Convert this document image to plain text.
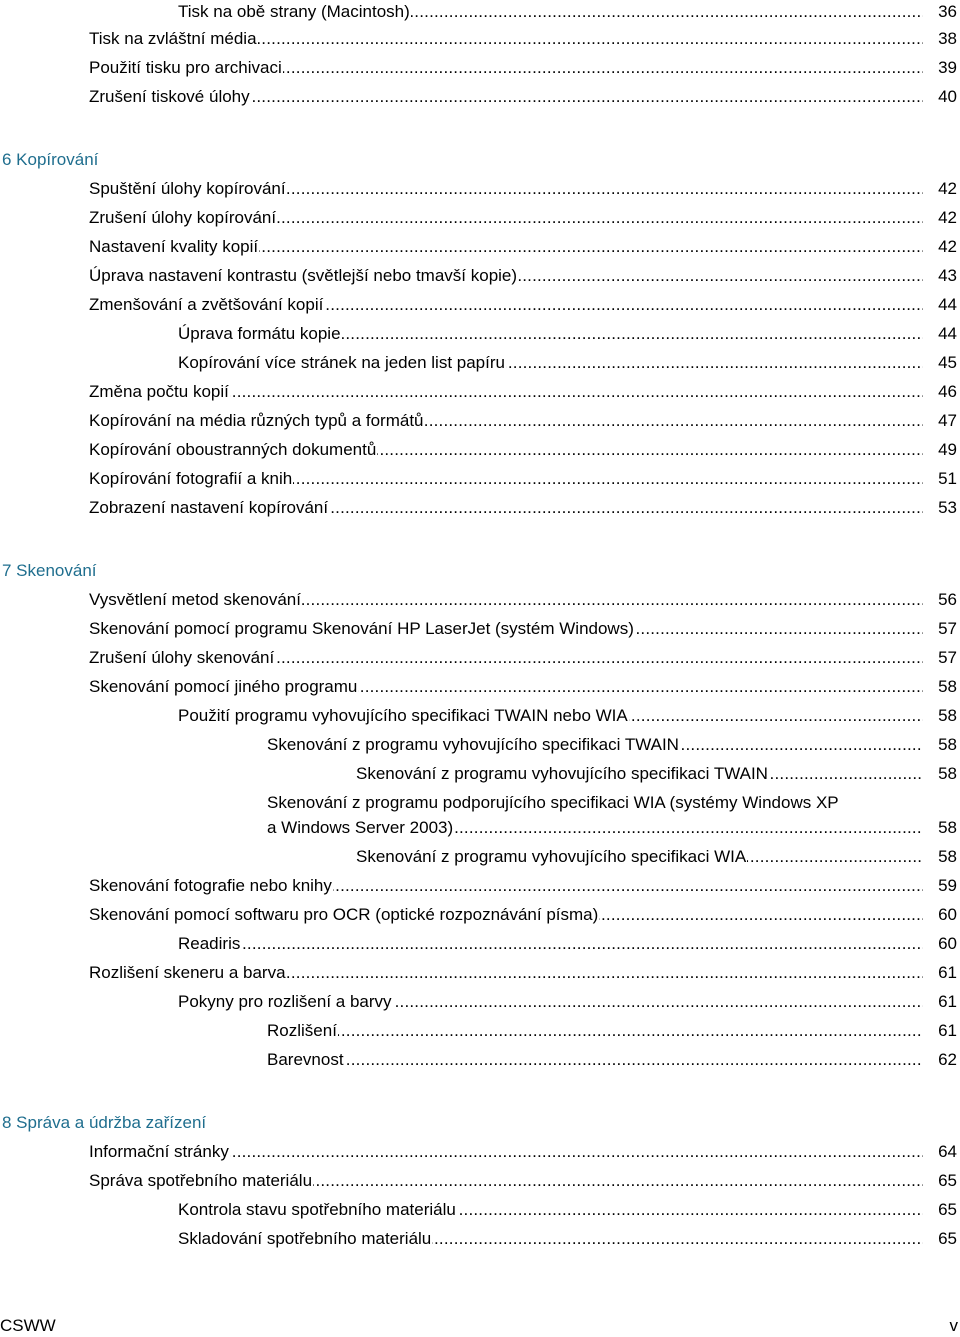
.....
Tisk na obě strany (Macintosh)	36
.....
Tisk na zvláštní média	38
.....
Použití tisku pro archivaci	39
.....
Zrušení tiskové úlohy	40
6 Kopírování
.....
Spuštění úlohy kopírování	42
.....
Zrušení úlohy kopírování	42
.....
Nastavení kvality kopií	42
.....
Úprava nastavení kontrastu (světlejší nebo tmavší kopie)	43
.....
Zmenšování a zvětšování kopií	44
.....
Úprava formátu kopie	44
.....
Kopírování více stránek na jeden list papíru	45
.....
Změna počtu kopií	46
.....
Kopírování na média různých typů a formátů	47
.....
Kopírování oboustranných dokumentů	49
.....
Kopírování fotografií a knih	51
.....
Zobrazení nastavení kopírování	53
7 Skenování
.....
Vysvětlení metod skenování	56
.....
Skenování pomocí programu Skenování HP LaserJet (systém Windows)	57
.....
Zrušení úlohy skenování	57
.....
Skenování pomocí jiného programu	58
.....
Použití programu vyhovujícího specifikaci TWAIN nebo WIA	58
.....
Skenování z programu vyhovujícího specifikaci TWAIN	58
.....
Skenování z programu vyhovujícího specifikaci TWAIN	58
.....
Skenování z programu podporujícího specifikaci WIA (systémy Windows XP
a Windows Server 2003)	58
.....
Skenování z programu vyhovujícího specifikaci WIA	58
.....
Skenování fotografie nebo knihy	59
.....
Skenování pomocí softwaru pro OCR (optické rozpoznávání písma)	60
.....
Readiris	60
.....
Rozlišení skeneru a barva	61
.....
Pokyny pro rozlišení a barvy	61
.....
Rozlišení	61
.....
Barevnost	62
8 Správa a údržba zařízení
.....
Informační stránky	64
.....
Správa spotřebního materiálu	65
.....
Kontrola stavu spotřebního materiálu	65
.....
Skladování spotřebního materiálu	65
CSWW	v
